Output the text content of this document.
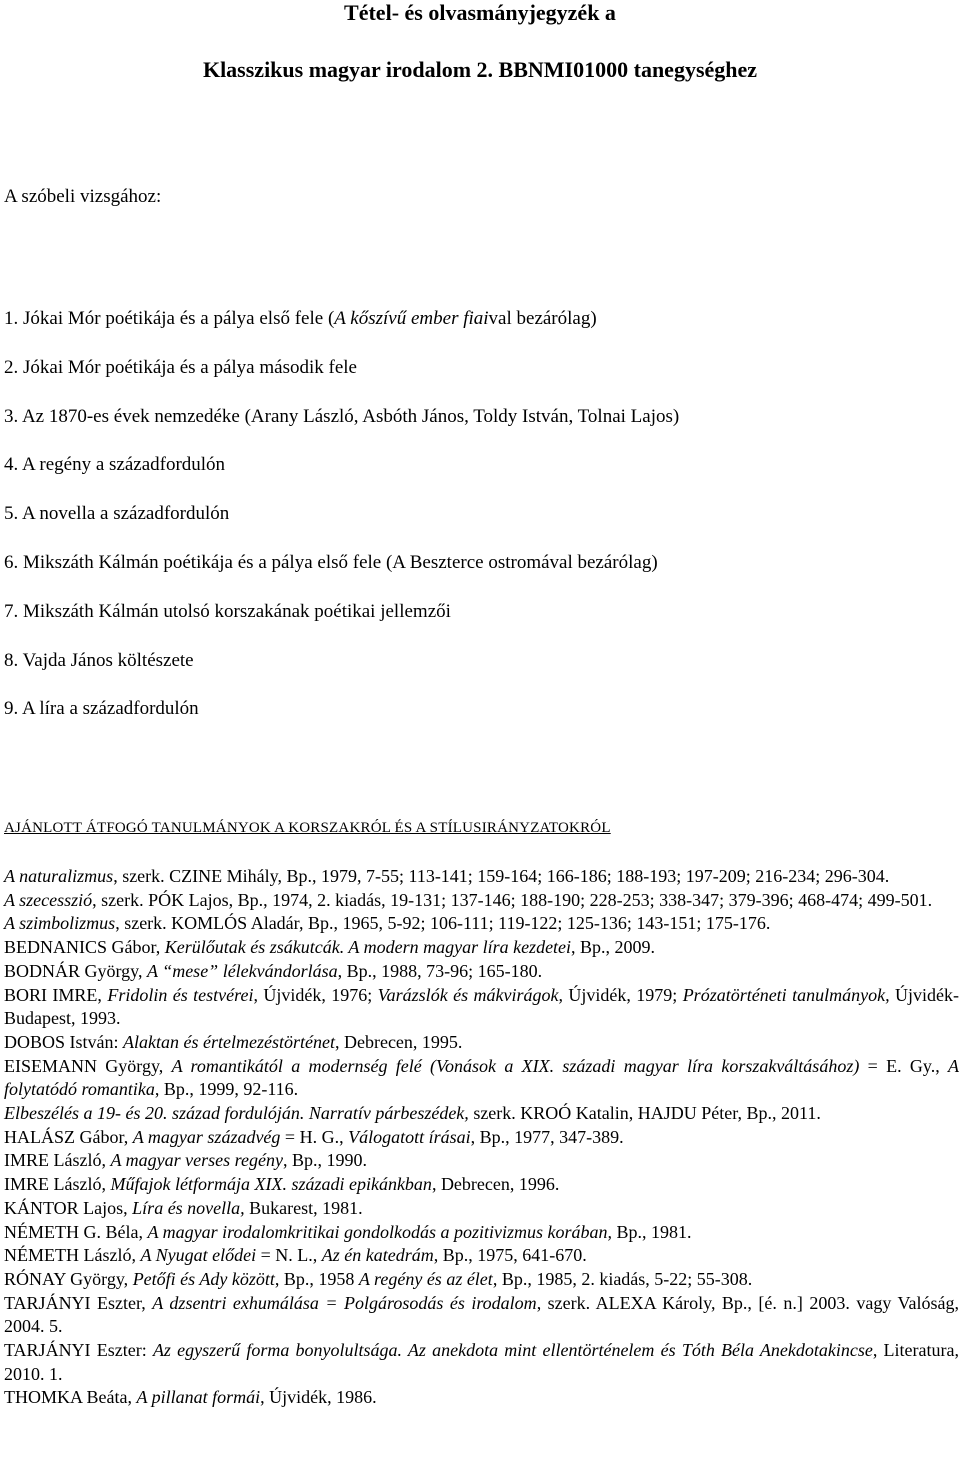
Tétel- és olvasmányjegyzék a
Klasszikus magyar irodalom 2. BBNMI01000 tanegységhez
A szóbeli vizsgához:
1. Jókai Mór poétikája és a pálya első fele (A kőszívű ember fiaival bezárólag)
2. Jókai Mór poétikája és a pálya második fele
3. Az 1870-es évek nemzedéke (Arany László, Asbóth János, Toldy István, Tolnai Lajos)
4. A regény a századfordulón
5. A novella a századfordulón
6. Mikszáth Kálmán poétikája és a pálya első fele (A Beszterce ostromával bezárólag)
7. Mikszáth Kálmán utolsó korszakának poétikai jellemzői
8. Vajda János költészete
9. A líra a századfordulón
AJÁNLOTT ÁTFOGÓ TANULMÁNYOK A KORSZAKRÓL ÉS A STÍLUSIRÁNYZATOKRÓL

A naturalizmus, szerk. CZINE Mihály, Bp., 1979, 7-55; 113-141; 159-164; 166-186; 188-193; 197-209; 216-234; 296-304.

A szecesszió, szerk. PÓK Lajos, Bp., 1974, 2. kiadás, 19-131; 137-146; 188-190; 228-253; 338-347; 379-396; 468-474; 499-501.

A szimbolizmus, szerk. KOMLÓS Aladár, Bp., 1965, 5-92; 106-111; 119-122; 125-136; 143-151; 175-176.

BEDNANICS Gábor, Kerülőutak és zsákutcák. A modern magyar líra kezdetei, Bp., 2009.

BODNÁR György, A “mese” lélekvándorlása, Bp., 1988, 73-96; 165-180.

BORI IMRE, Fridolin és testvérei, Újvidék, 1976; Varázslók és mákvirágok, Újvidék, 1979; Prózatörténeti tanulmányok, Újvidék-Budapest, 1993.

DOBOS István: Alaktan és értelmezéstörténet, Debrecen, 1995.

EISEMANN György, A romantikától a modernség felé (Vonások a XIX. századi magyar líra korszakváltásához) = E. Gy., A folytatódó romantika, Bp., 1999, 92-116.

Elbeszélés a 19- és 20. század fordulóján. Narratív párbeszédek, szerk. KROÓ Katalin, HAJDU Péter, Bp., 2011.

HALÁSZ Gábor, A magyar századvég = H. G., Válogatott írásai, Bp., 1977, 347-389.

IMRE László, A magyar verses regény, Bp., 1990.

IMRE László, Műfajok létformája XIX. századi epikánkban, Debrecen, 1996.

KÁNTOR Lajos, Líra és novella, Bukarest, 1981.

NÉMETH G. Béla, A magyar irodalomkritikai gondolkodás a pozitivizmus korában, Bp., 1981.

NÉMETH László, A Nyugat elődei = N. L., Az én katedrám, Bp., 1975, 641-670.

RÓNAY György, Petőfi és Ady között, Bp., 1958 A regény és az élet, Bp., 1985, 2. kiadás, 5-22; 55-308.

TARJÁNYI Eszter, A dzsentri exhumálása = Polgárosodás és irodalom, szerk. ALEXA Károly, Bp., [é. n.] 2003. vagy Valóság, 2004. 5.

TARJÁNYI Eszter: Az egyszerű forma bonyolultsága. Az anekdota mint ellentörténelem és Tóth Béla Anekdotakincse, Literatura, 2010. 1.

THOMKA Beáta, A pillanat formái, Újvidék, 1986.
